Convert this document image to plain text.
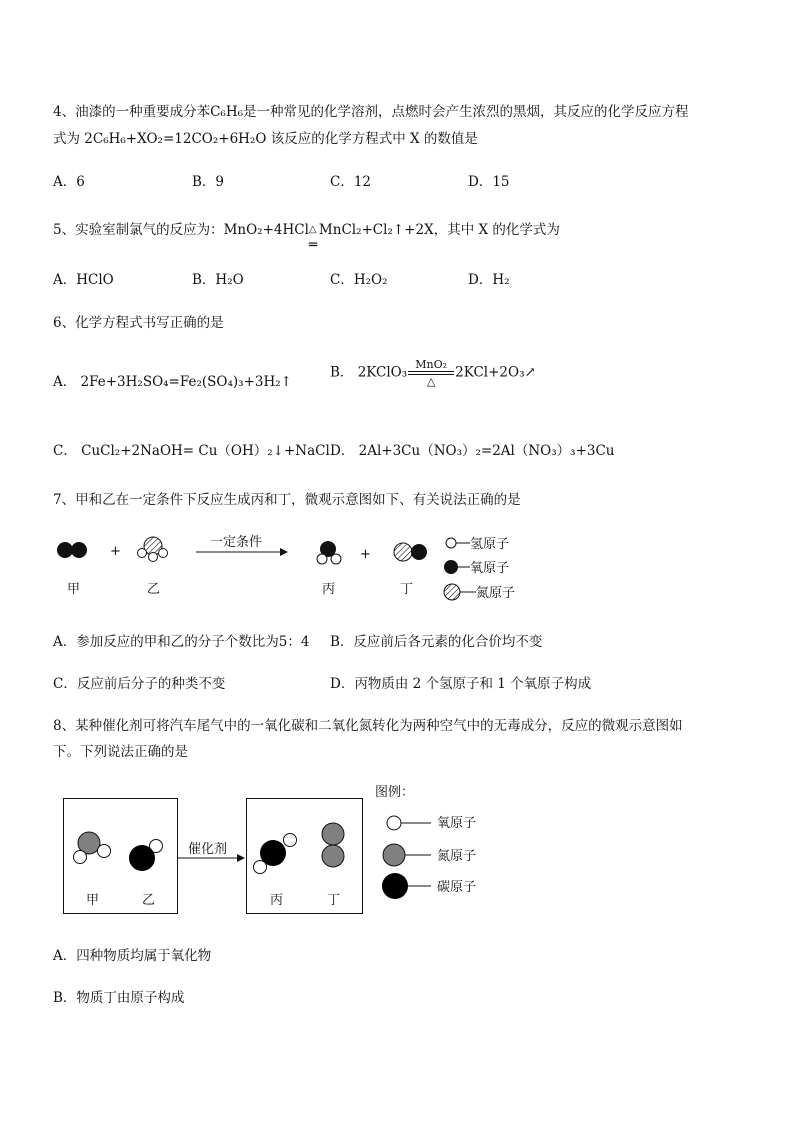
4、油漆的一种重要成分苯C₆H₆是一种常见的化学溶剂，点燃时会产生浓烈的黑烟，其反应的化学反应方程
式为 2C₆H₆+XO₂=12CO₂+6H₂O 该反应的化学方程式中 X 的数值是
A．6	B．9	C．12	D．15
5、实验室制氯气的反应为：MnO₂+4HCl △
═
MnCl₂+Cl₂↑+2X，其中 X 的化学式为
A．HClO	B．H₂O	C．H₂O₂	D．H₂
6、化学方程式书写正确的是
A． 2Fe+3H₂SO₄=Fe₂(SO₄)₃+3H₂↑
B． 2KClO₃ $\frac{\text{MnO₂}}{\triangle}$ 2KCl+2O₃↗
C． CuCl₂+2NaOH= Cu（OH）₂↓+NaCl D． 2Al+3Cu（NO₃）₂=2Al（NO₃）₃+3Cu
7、甲和乙在一定条件下反应生成丙和丁，微观示意图如下、有关说法正确的是
+
一定条件
+
甲	乙	丙	丁
氢原子
氧原子
氮原子
A．参加反应的甲和乙的分子个数比为5：4 B．反应前后各元素的化合价均不变
C．反应前后分子的种类不变	D．丙物质由 2 个氢原子和 1 个氧原子构成
8、某种催化剂可将汽车尾气中的一氧化碳和二氧化氮转化为两种空气中的无毒成分，反应的微观示意图如
下。下列说法正确的是
甲	乙
催化剂
丙	丁
图例：
氧原子
氮原子
碳原子
A．四种物质均属于氧化物
B．物质丁由原子构成
